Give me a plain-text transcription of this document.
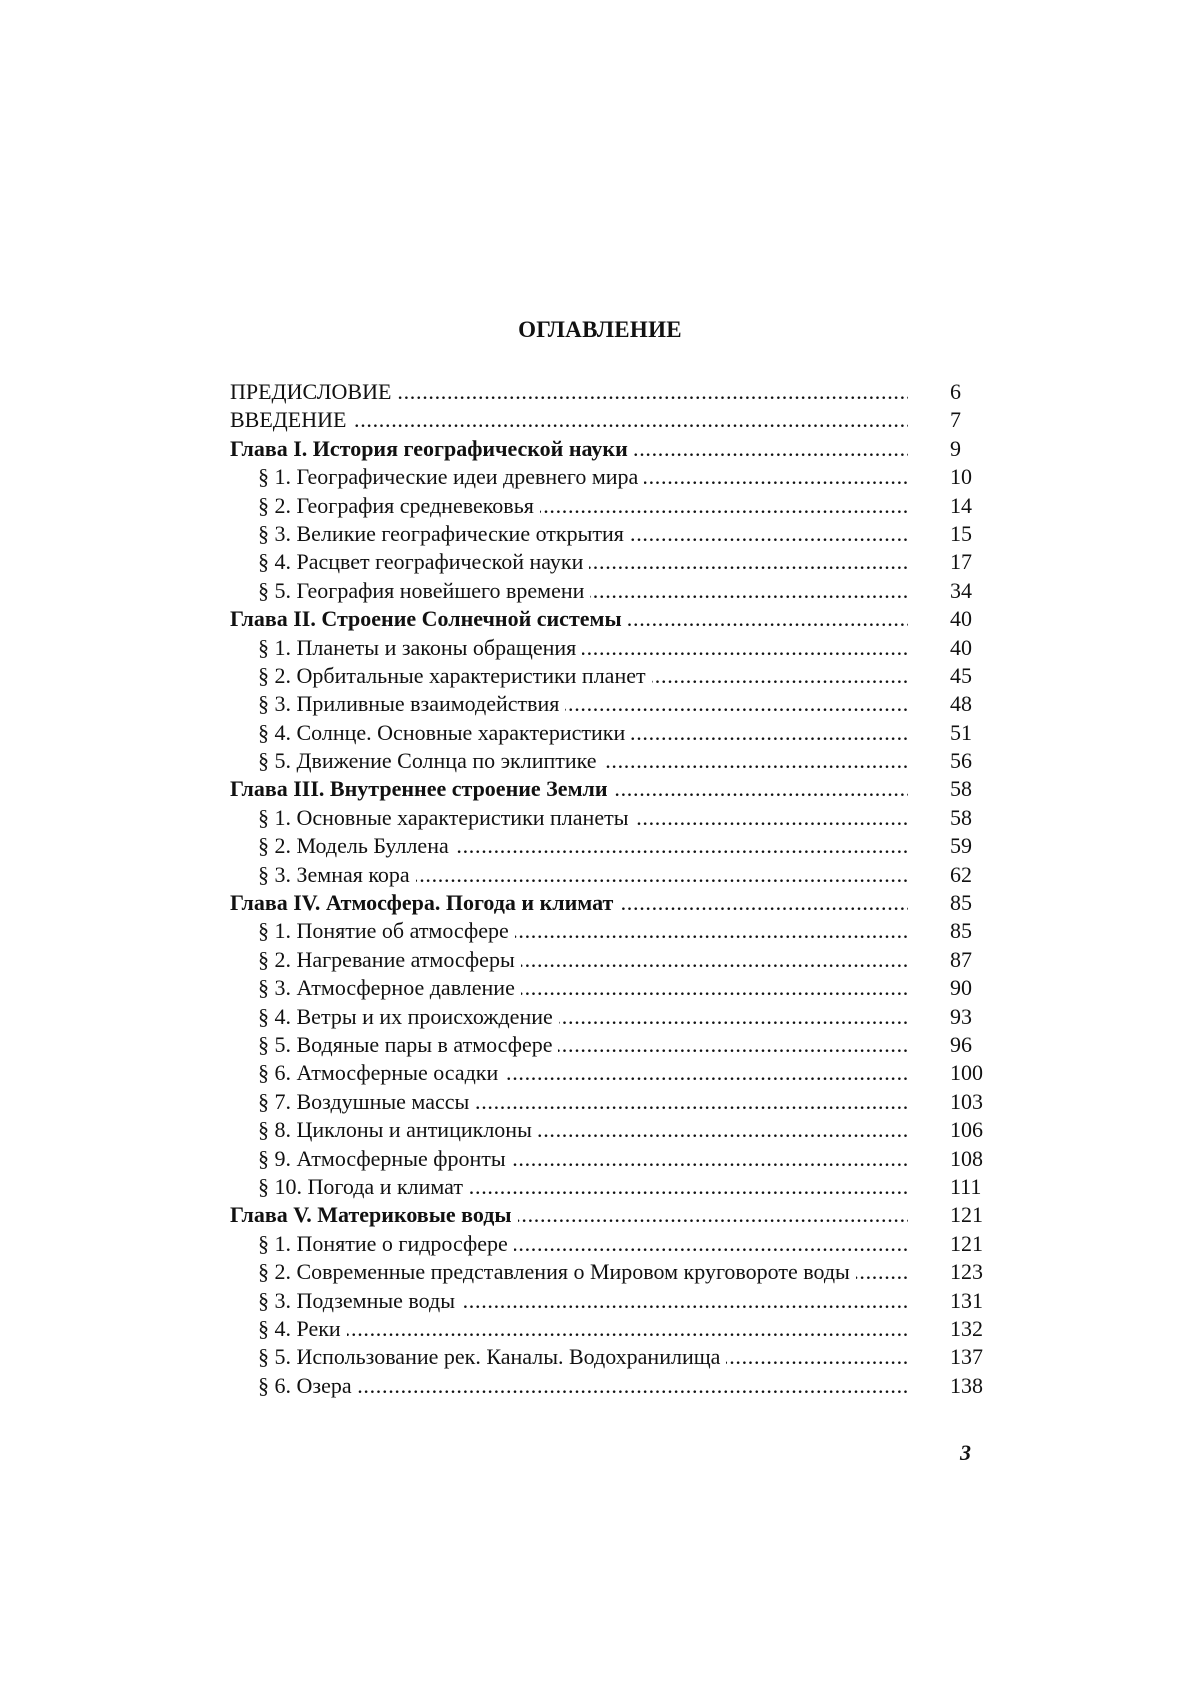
ОГЛАВЛЕНИЕ
ПРЕДИСЛОВИЕ . . .	6
ВВЕДЕНИЕ . . .	7
Глава I. История географической науки . . .	9
§ 1. Географические идеи древнего мира . . .	10
§ 2. География средневековья . . .	14
§ 3. Великие географические открытия . . .	15
§ 4. Расцвет географической науки . . .	17
§ 5. География новейшего времени . . .	34
Глава II. Строение Солнечной системы . . .	40
§ 1. Планеты и законы обращения . . .	40
§ 2. Орбитальные характеристики планет . . .	45
§ 3. Приливные взаимодействия . . .	48
§ 4. Солнце. Основные характеристики . . .	51
§ 5. Движение Солнца по эклиптике . . .	56
Глава III. Внутреннее строение Земли . . .	58
§ 1. Основные характеристики планеты . . .	58
§ 2. Модель Буллена . . .	59
§ 3. Земная кора . . .	62
Глава IV. Атмосфера. Погода и климат . . .	85
§ 1. Понятие об атмосфере . . .	85
§ 2. Нагревание атмосферы . . .	87
§ 3. Атмосферное давление . . .	90
§ 4. Ветры и их происхождение . . .	93
§ 5. Водяные пары в атмосфере . . .	96
§ 6. Атмосферные осадки . . .	100
§ 7. Воздушные массы . . .	103
§ 8. Циклоны и антициклоны . . .	106
§ 9. Атмосферные фронты . . .	108
§ 10. Погода и климат . . .	111
Глава V. Материковые воды . . .	121
§ 1. Понятие о гидросфере . . .	121
§ 2. Современные представления о Мировом круговороте воды . . .	123
§ 3. Подземные воды . . .	131
§ 4. Реки . . .	132
§ 5. Использование рек. Каналы. Водохранилища . . .	137
§ 6. Озера . . .	138
3
